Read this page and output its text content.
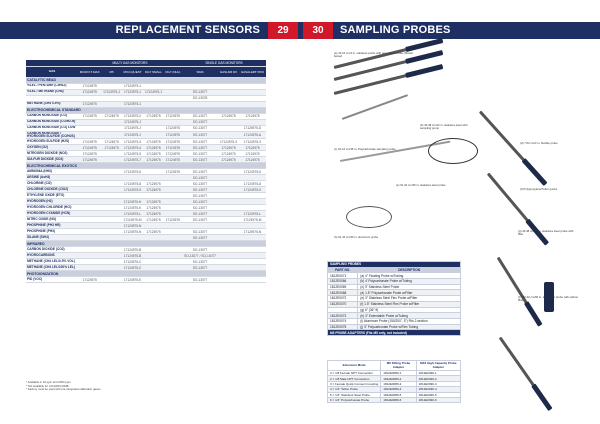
REPLACEMENT SENSORS	29	30	SAMPLING PROBES
	MULTI GAS MONITORS					SINGLE GAS MONITORS		
GAS	MICRO 5 MAX	M5	MX4 iQUEST	DG7 SMALL	DG7 (NHL)	SIM4	GASLDR DX	GASALERT PRO
CATALYTIC BEAD								
%LEL / PENTANE (C5H12)	17124975		17124975-1					
%LEL / METHANE (CH4)	17124975	17124975-1	17124975-1	17124975-1		SO-13077		
						SO-13078		
METHANE (CH4 0-5%)	17124975		17124975-1					
ELECTROCHEMICAL STANDARD								
CARBON MONOXIDE (CO)	17124975	17124975	17124975-2	17124975	17124975	SO-13077	17124975	17124975
CARBON MONOXIDE (CO/H2-N)			17124975-J			SO-13077		
CARBON MONOXIDE (CO) LOW			17124975-J		17124975	SO-13077		17124975-D
CARBON MONOXIDE / HYDROGEN SULFIDE (CO/H2S)			17124975-J		17124975	SO-13077		17124975-A
HYDROGEN SULFIDE (H2S)	17124975	17124975	17124975-3	17124975	17124975	SO-13077	17124975-3	17124975-3
OXYGEN (O2)	17124975	17124975	17124975-4	17124975	17124975	SO-13077	17124975	17124975
NITROGEN DIOXIDE (NO2)	17124975		17124975-5	17124975	17124975	SO-13077	17124975	17124975
SULFUR DIOXIDE (SO2)	17124975		17124975-7	17124975	17124975	SO-13077	17124975	17124975
ELECTROCHEMICAL EXOTICS								
AMMONIA (NH3)			17124975-6		17124975	SO-13077		17124975-6
ARSINE (AsH3)						SO-13077		
CHLORINE (Cl2)			17124975-8	17124975		SO-13077		17124975-8
CHLORINE DIOXIDE (ClO2)			17124975-9	17124975		SO-13077		17124975-9
ETHYLENE OXIDE (ETO)						SO-13077		
HYDROGEN (H2)			17124975-H	17124975		SO-13077		
HYDROGEN CHLORIDE (HCl)			17124975-K	17124975		SO-13077		
HYDROGEN CYANIDE (HCN)			17124975-L	17124975		SO-13077		17124975-L
NITRIC OXIDE (NO)			17124975-M	17124975	17124975	SO-13077		17124975-M
PHOSPHINE (PH3 HR)			17124975-N					
PHOSPHINE (PH3)			17124975-N	17124975		SO-13077		17124975-N
SILANE (SiH4)						SO-13077		
INFRARED								
CARBON DIOXIDE (CO2)			17124975-B			SO-13077		
HYDROCARBONS			17124975-B			SO-13077 / SO-13077		
METHANE (CH4 LEL/0-5% VOL)			17124975-C			SO-13077		
METHANE (CH4 LEL/100% LEL)			17124975-C			SO-13077		
PHOTOIONIZATION								
PID (VOC)	17124975		17124975-E			SO-13077		
* Available in 10 ppm and 2000 ppm
* Not available for CO/H2S/COMB
* Factory must be used with pre-integrated calibration gases
(a) 10.16 cm/4 in. stainless probe with one sorbent tube (Shown below)
(b) 30.48 cm/12 in. stainless steel with sampling pump
(c) 91.44 cm/36 in. Polycarbonate sampling probe
(d) 7.62 cm/3 in. flexible probe
(e) 91.44 cm/36 in. stainless steel probe
(f) Polypropylene/Teflon probe
(g) 30.48 cm/12 in. stainless steel probe with filter
(h) 91.44 cm/36 in. aluminum probe
(i) 152.40 cm/60 in. telescopic probe with carbon fiber
SAMPLING PROBES	
PART NO.	DESCRIPTION
1812E0071	(a) 4" Floating Probe w/Tubing
1812E0066	(b) 4' Polycarbonate Probe w/Tubing
1812E0069	(c) 3" Stainless Steel Probe
1812E0068	(d) 1.5" Polycarbonate Probe w/Filter
1812E0072	(e) 3" Stainless Steel Flex Probe w/Filter
1812E0070	(f) 1.5" Stainless Steel Flex Probe w/Filter
	(g) 6" (36" ft)
1812E0073	(h) 3" Extendable Probe w/Tubing
1812E0074	(i) Aluminum Probe (150/200", 5") Fits 2-section
1812E0075	(j) 3" Polycarbonate Probe w/Flex Tubing
M5 PROBE ADAPTERS (Fits M5 only, not included)	
Extension Mode	M5 Fitting Probe Adapter	MX4 High Capacity Probe Adapter
3 = 1/8 Female NPT Connection	1812E0089-1	1812E0090-1
2 = 1/8 Male NPT Connection	1812E0089-2	1812E0090-2
3 = Female Quick Connect Coupling	1812E0089-3	1812E0090-3
4 = 1/4" Teflon Probe	1812E0089-4	1812E0090-4
5 = 1/4" Stainless Steel Probe	1812E0089-5	1812E0090-5
6 = 1/4" Polycarbonate Probe	1812E0089-6	1812E0090-6
